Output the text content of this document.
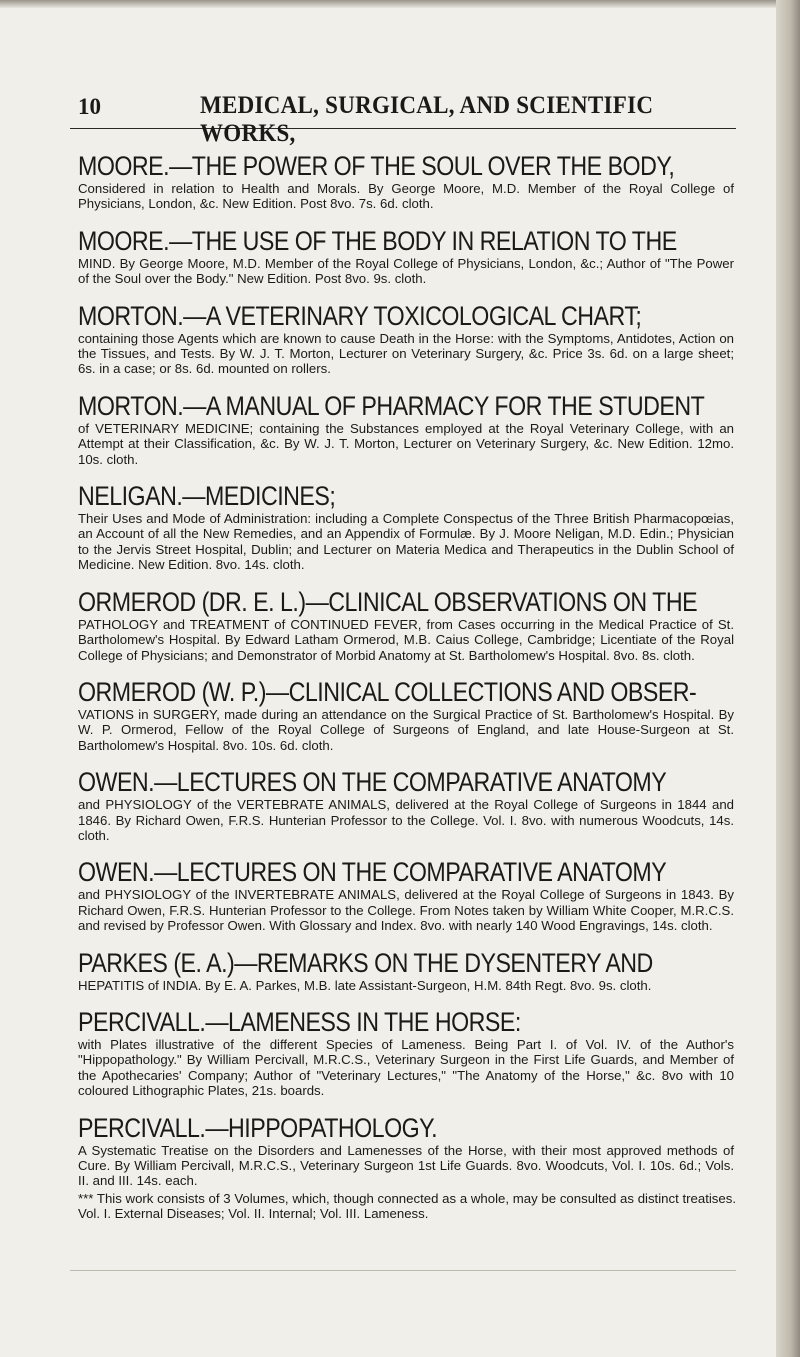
10	MEDICAL, SURGICAL, AND SCIENTIFIC WORKS,
MOORE.—THE POWER OF THE SOUL OVER THE BODY,
Considered in relation to Health and Morals. By George Moore, M.D. Member of the Royal College of Physicians, London, &c. New Edition. Post 8vo. 7s. 6d. cloth.
MOORE.—THE USE OF THE BODY IN RELATION TO THE
MIND. By George Moore, M.D. Member of the Royal College of Physicians, London, &c.; Author of "The Power of the Soul over the Body." New Edition. Post 8vo. 9s. cloth.
MORTON.—A VETERINARY TOXICOLOGICAL CHART;
containing those Agents which are known to cause Death in the Horse: with the Symptoms, Antidotes, Action on the Tissues, and Tests. By W. J. T. Morton, Lecturer on Veterinary Surgery, &c. Price 3s. 6d. on a large sheet; 6s. in a case; or 8s. 6d. mounted on rollers.
MORTON.—A MANUAL OF PHARMACY FOR THE STUDENT
of VETERINARY MEDICINE; containing the Substances employed at the Royal Veterinary College, with an Attempt at their Classification, &c. By W. J. T. Morton, Lecturer on Veterinary Surgery, &c. New Edition. 12mo. 10s. cloth.
NELIGAN.—MEDICINES;
Their Uses and Mode of Administration: including a Complete Conspectus of the Three British Pharmacopœias, an Account of all the New Remedies, and an Appendix of Formulæ. By J. Moore Neligan, M.D. Edin.; Physician to the Jervis Street Hospital, Dublin; and Lecturer on Materia Medica and Therapeutics in the Dublin School of Medicine. New Edition. 8vo. 14s. cloth.
ORMEROD (DR. E. L.)—CLINICAL OBSERVATIONS ON THE
PATHOLOGY and TREATMENT of CONTINUED FEVER, from Cases occurring in the Medical Practice of St. Bartholomew's Hospital. By Edward Latham Ormerod, M.B. Caius College, Cambridge; Licentiate of the Royal College of Physicians; and Demonstrator of Morbid Anatomy at St. Bartholomew's Hospital. 8vo. 8s. cloth.
ORMEROD (W. P.)—CLINICAL COLLECTIONS AND OBSER-
VATIONS in SURGERY, made during an attendance on the Surgical Practice of St. Bartholomew's Hospital. By W. P. Ormerod, Fellow of the Royal College of Surgeons of England, and late House-Surgeon at St. Bartholomew's Hospital. 8vo. 10s. 6d. cloth.
OWEN.—LECTURES ON THE COMPARATIVE ANATOMY
and PHYSIOLOGY of the VERTEBRATE ANIMALS, delivered at the Royal College of Surgeons in 1844 and 1846. By Richard Owen, F.R.S. Hunterian Professor to the College. Vol. I. 8vo. with numerous Woodcuts, 14s. cloth.
OWEN.—LECTURES ON THE COMPARATIVE ANATOMY
and PHYSIOLOGY of the INVERTEBRATE ANIMALS, delivered at the Royal College of Surgeons in 1843. By Richard Owen, F.R.S. Hunterian Professor to the College. From Notes taken by William White Cooper, M.R.C.S. and revised by Professor Owen. With Glossary and Index. 8vo. with nearly 140 Wood Engravings, 14s. cloth.
PARKES (E. A.)—REMARKS ON THE DYSENTERY AND
HEPATITIS of INDIA. By E. A. Parkes, M.B. late Assistant-Surgeon, H.M. 84th Regt. 8vo. 9s. cloth.
PERCIVALL.—LAMENESS IN THE HORSE:
with Plates illustrative of the different Species of Lameness. Being Part I. of Vol. IV. of the Author's "Hippopathology." By William Percivall, M.R.C.S., Veterinary Surgeon in the First Life Guards, and Member of the Apothecaries' Company; Author of "Veterinary Lectures," "The Anatomy of the Horse," &c. 8vo with 10 coloured Lithographic Plates, 21s. boards.
PERCIVALL.—HIPPOPATHOLOGY.
A Systematic Treatise on the Disorders and Lamenesses of the Horse, with their most approved methods of Cure. By William Percivall, M.R.C.S., Veterinary Surgeon 1st Life Guards. 8vo. Woodcuts, Vol. I. 10s. 6d.; Vols. II. and III. 14s. each.
*** This work consists of 3 Volumes, which, though connected as a whole, may be consulted as distinct treatises. Vol. I. External Diseases; Vol. II. Internal; Vol. III. Lameness.
